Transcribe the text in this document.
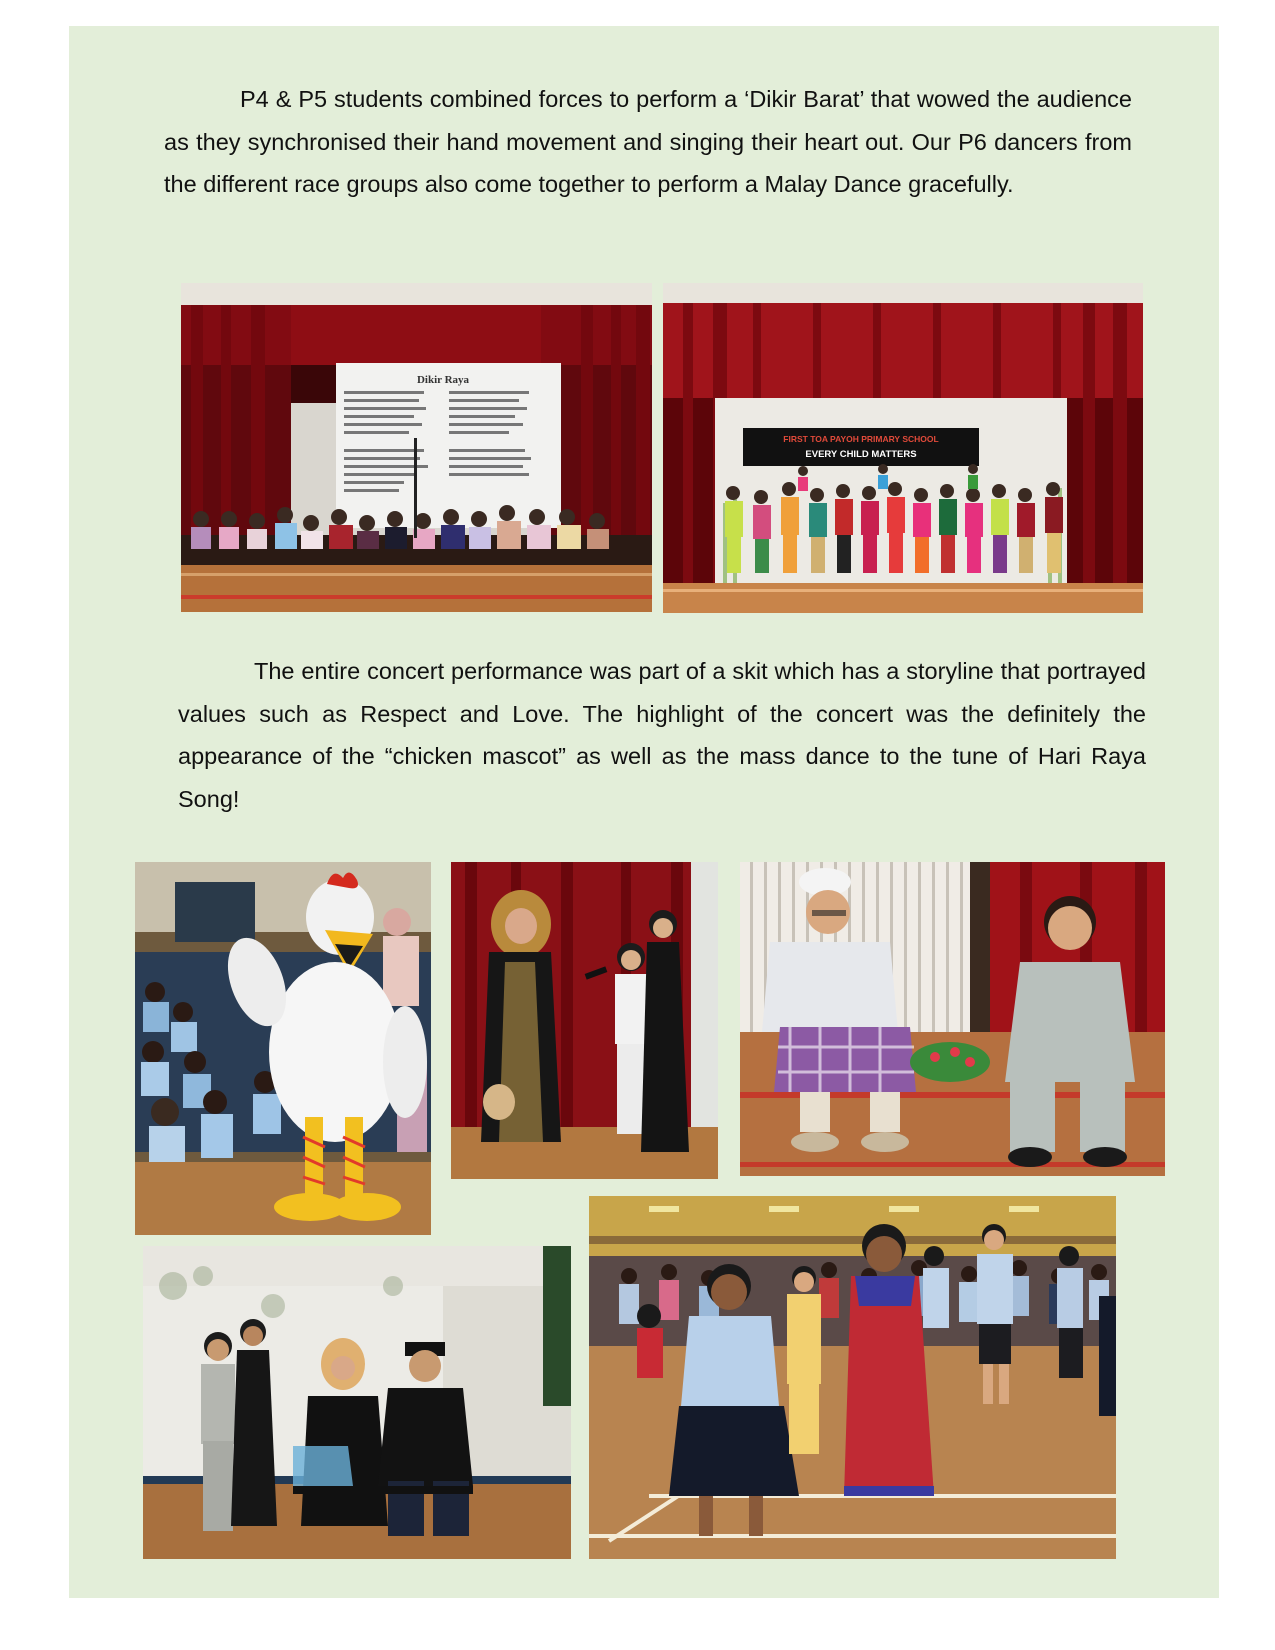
P4 & P5 students combined forces to perform a ‘Dikir Barat’ that wowed the audience as they synchronised their hand movement and singing their heart out. Our P6 dancers from the different race groups also come together to perform a Malay Dance gracefully.

Dikir Raya
FIRST TOA PAYOH PRIMARY SCHOOL
EVERY CHILD MATTERS

The entire concert performance was part of a skit which has a storyline that portrayed values such as Respect and Love. The highlight of the concert was the definitely the appearance of the “chicken mascot” as well as the mass dance to the tune of Hari Raya Song!
